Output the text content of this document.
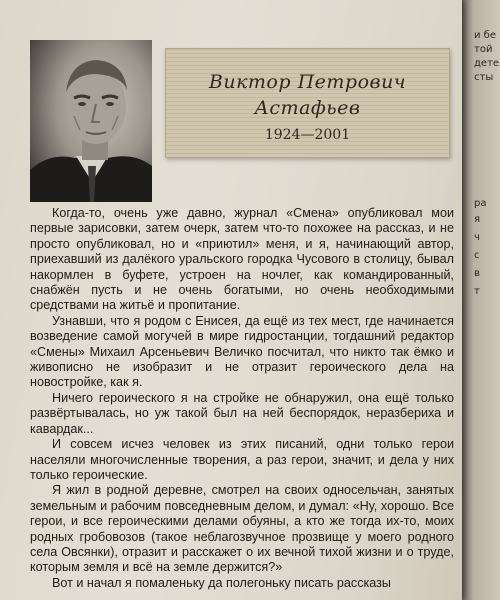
и бе
той
дете
сты
ра
я
ч
с
в
т
Виктор Петрович
Астафьев
1924—2001

Когда-то, очень уже давно, журнал «Смена» опубликовал мои первые зарисовки, затем очерк, затем что-то похожее на рассказ, и не просто опубликовал, но и «приютил» меня, и я, начинающий автор, приехавший из далёкого уральского городка Чусового в столицу, бывал накормлен в буфете, устроен на ночлег, как командированный, снабжён пусть и не очень богатыми, но очень необходимыми средствами на житьё и пропитание.

Узнавши, что я родом с Енисея, да ещё из тех мест, где начинается возведение самой могучей в мире гидростанции, тогдашний редактор «Смены» Михаил Арсеньевич Величко посчитал, что никто так ёмко и живописно не изобразит и не отразит героического дела на новостройке, как я.

Ничего героического я на стройке не обнаружил, она ещё только развёртывалась, но уж такой был на ней беспорядок, неразбериха и кавардак...

И совсем исчез человек из этих писаний, одни только герои населяли многочисленные творения, а раз герои, значит, и дела у них только героические.

Я жил в родной деревне, смотрел на своих односельчан, занятых земельным и рабочим повседневным делом, и думал: «Ну, хорошо. Все герои, и все героическими делами обуяны, а кто же тогда их-то, моих родных гробовозов (такое неблагозвучное прозвище у моего родного села Овсянки), отразит и расскажет о их вечной тихой жизни и о труде, которым земля и всё на земле держится?»

Вот и начал я помаленьку да полегоньку писать рассказы
